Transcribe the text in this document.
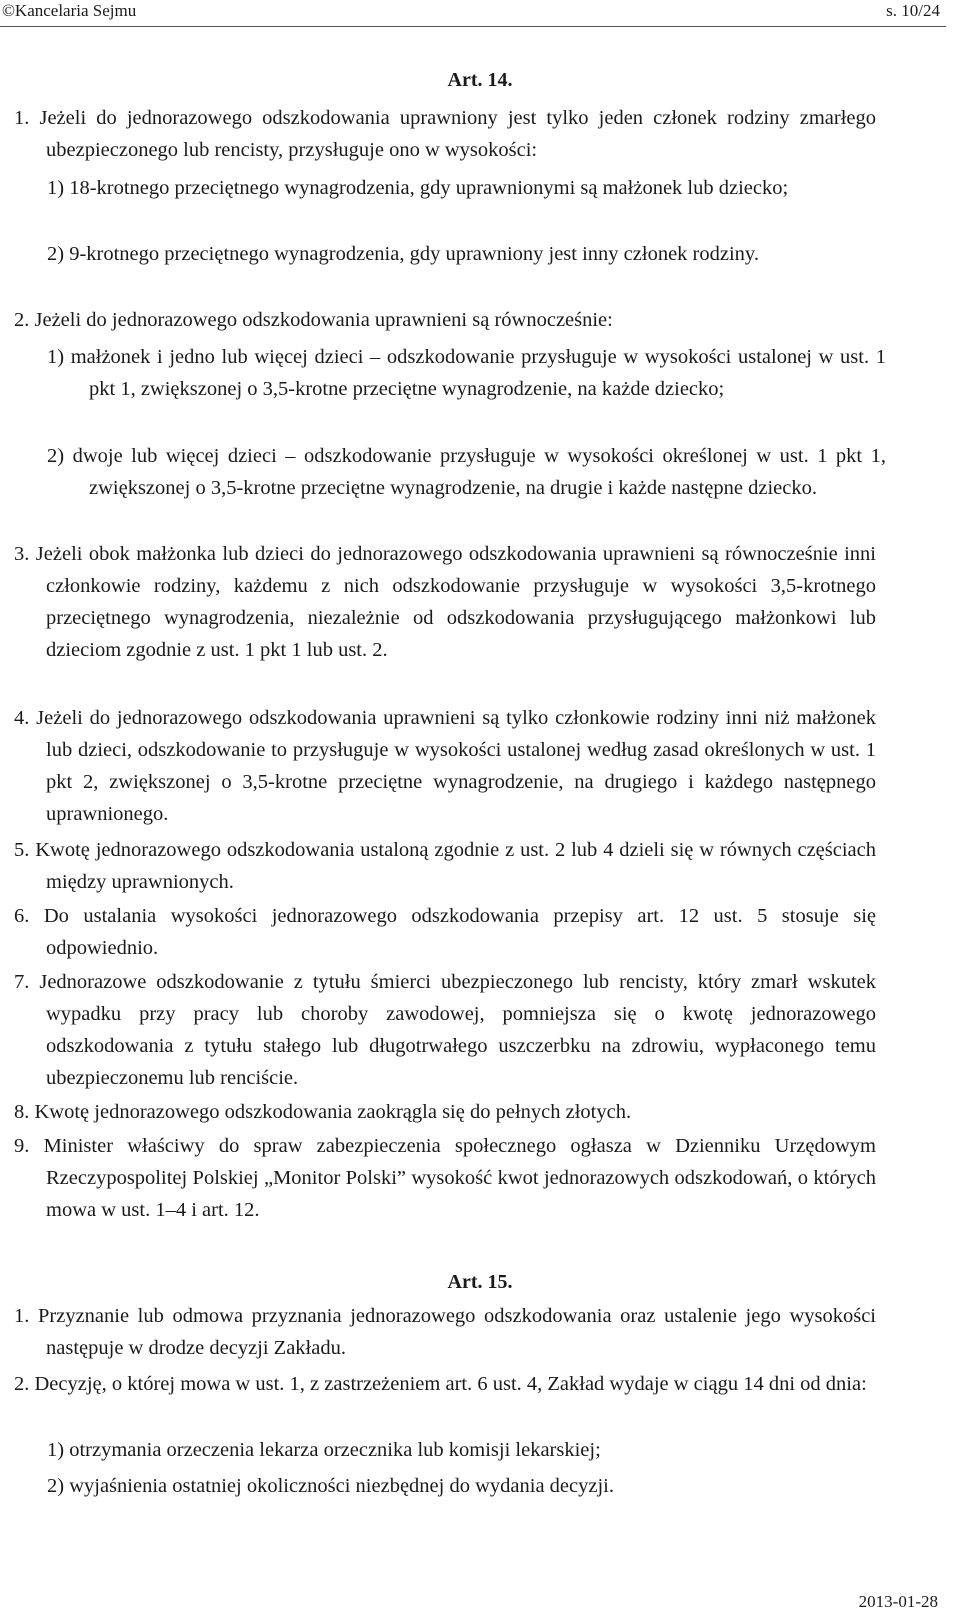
©Kancelaria Sejmu	s. 10/24
Art. 14.
1. Jeżeli do jednorazowego odszkodowania uprawniony jest tylko jeden członek rodziny zmarłego ubezpieczonego lub rencisty, przysługuje ono w wysokości:
1) 18-krotnego przeciętnego wynagrodzenia, gdy uprawnionymi są małżonek lub dziecko;
2) 9-krotnego przeciętnego wynagrodzenia, gdy uprawniony jest inny członek rodziny.
2. Jeżeli do jednorazowego odszkodowania uprawnieni są równocześnie:
1) małżonek i jedno lub więcej dzieci – odszkodowanie przysługuje w wysokości ustalonej w ust. 1 pkt 1, zwiększonej o 3,5-krotne przeciętne wynagrodzenie, na każde dziecko;
2) dwoje lub więcej dzieci – odszkodowanie przysługuje w wysokości określonej w ust. 1 pkt 1, zwiększonej o 3,5-krotne przeciętne wynagrodzenie, na drugie i każde następne dziecko.
3. Jeżeli obok małżonka lub dzieci do jednorazowego odszkodowania uprawnieni są równocześnie inni członkowie rodziny, każdemu z nich odszkodowanie przysługuje w wysokości 3,5-krotnego przeciętnego wynagrodzenia, niezależnie od odszkodowania przysługującego małżonkowi lub dzieciom zgodnie z ust. 1 pkt 1 lub ust. 2.
4. Jeżeli do jednorazowego odszkodowania uprawnieni są tylko członkowie rodziny inni niż małżonek lub dzieci, odszkodowanie to przysługuje w wysokości ustalonej według zasad określonych w ust. 1 pkt 2, zwiększonej o 3,5-krotne przeciętne wynagrodzenie, na drugiego i każdego następnego uprawnionego.
5. Kwotę jednorazowego odszkodowania ustaloną zgodnie z ust. 2 lub 4 dzieli się w równych częściach między uprawnionych.
6. Do ustalania wysokości jednorazowego odszkodowania przepisy art. 12 ust. 5 stosuje się odpowiednio.
7. Jednorazowe odszkodowanie z tytułu śmierci ubezpieczonego lub rencisty, który zmarł wskutek wypadku przy pracy lub choroby zawodowej, pomniejsza się o kwotę jednorazowego odszkodowania z tytułu stałego lub długotrwałego uszczerbku na zdrowiu, wypłaconego temu ubezpieczonemu lub renciście.
8. Kwotę jednorazowego odszkodowania zaokrągla się do pełnych złotych.
9. Minister właściwy do spraw zabezpieczenia społecznego ogłasza w Dzienniku Urzędowym Rzeczypospolitej Polskiej „Monitor Polski” wysokość kwot jednorazowych odszkodowań, o których mowa w ust. 1–4 i art. 12.
Art. 15.
1. Przyznanie lub odmowa przyznania jednorazowego odszkodowania oraz ustalenie jego wysokości następuje w drodze decyzji Zakładu.
2. Decyzję, o której mowa w ust. 1, z zastrzeżeniem art. 6 ust. 4, Zakład wydaje w ciągu 14 dni od dnia:
1) otrzymania orzeczenia lekarza orzecznika lub komisji lekarskiej;
2) wyjaśnienia ostatniej okoliczności niezbędnej do wydania decyzji.
2013-01-28
